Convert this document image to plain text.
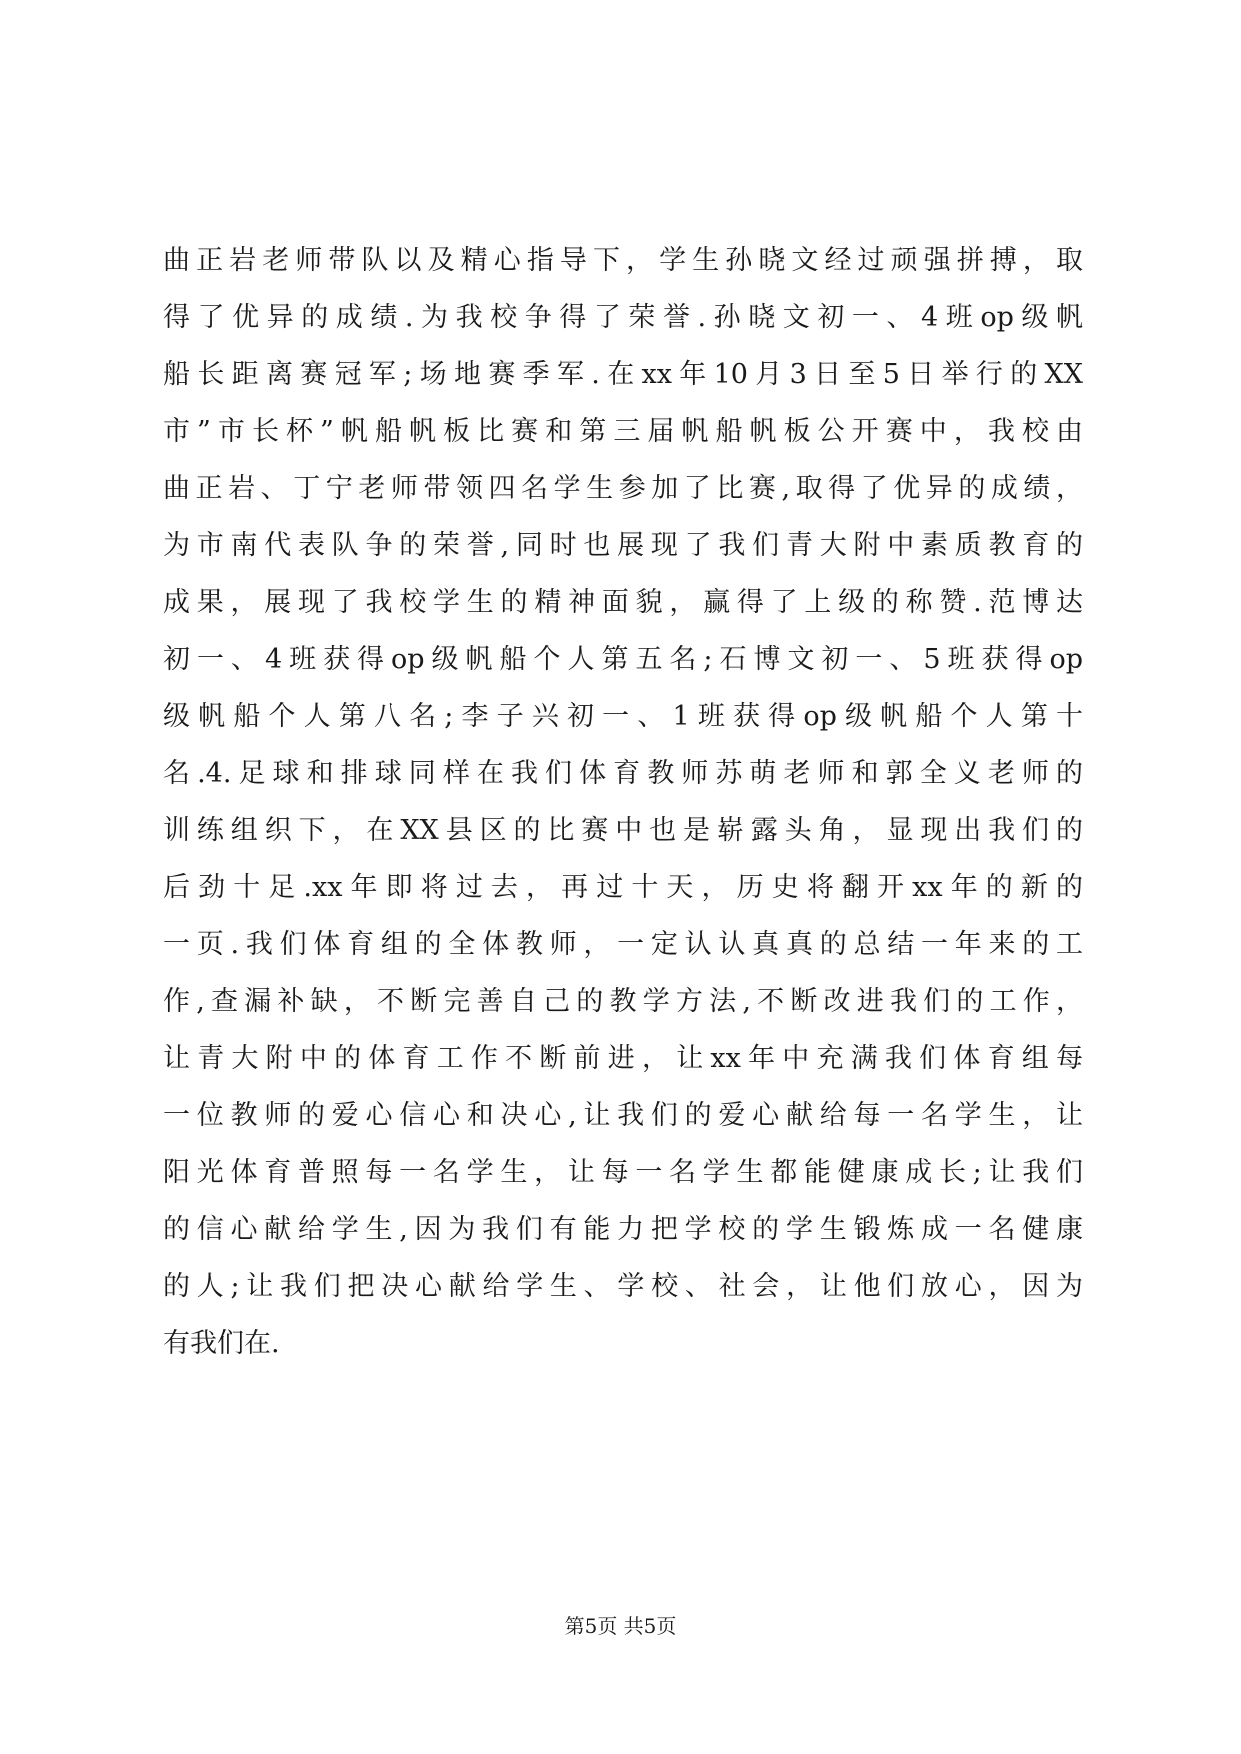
曲正岩老师带队以及精心指导下，学生孙晓文经过顽强拼搏，取
得了优异的成绩.为我校争得了荣誉.孙晓文初一、4班op级帆
船长距离赛冠军;场地赛季军.在xx年10月3日至5日举行的XX
市”市长杯”帆船帆板比赛和第三届帆船帆板公开赛中，我校由
曲正岩、丁宁老师带领四名学生参加了比赛,取得了优异的成绩，
为市南代表队争的荣誉,同时也展现了我们青大附中素质教育的
成果，展现了我校学生的精神面貌，赢得了上级的称赞.范博达
初一、4班获得op级帆船个人第五名;石博文初一、5班获得op
级帆船个人第八名;李子兴初一、1班获得op级帆船个人第十
名.4.足球和排球同样在我们体育教师苏萌老师和郭全义老师的
训练组织下，在XX县区的比赛中也是崭露头角，显现出我们的
后劲十足.xx年即将过去，再过十天，历史将翻开xx年的新的
一页.我们体育组的全体教师，一定认认真真的总结一年来的工
作,查漏补缺，不断完善自己的教学方法,不断改进我们的工作，
让青大附中的体育工作不断前进，让xx年中充满我们体育组每
一位教师的爱心信心和决心,让我们的爱心献给每一名学生，让
阳光体育普照每一名学生，让每一名学生都能健康成长;让我们
的信心献给学生,因为我们有能力把学校的学生锻炼成一名健康
的人;让我们把决心献给学生、学校、社会，让他们放心，因为
有我们在.
第5页 共5页
